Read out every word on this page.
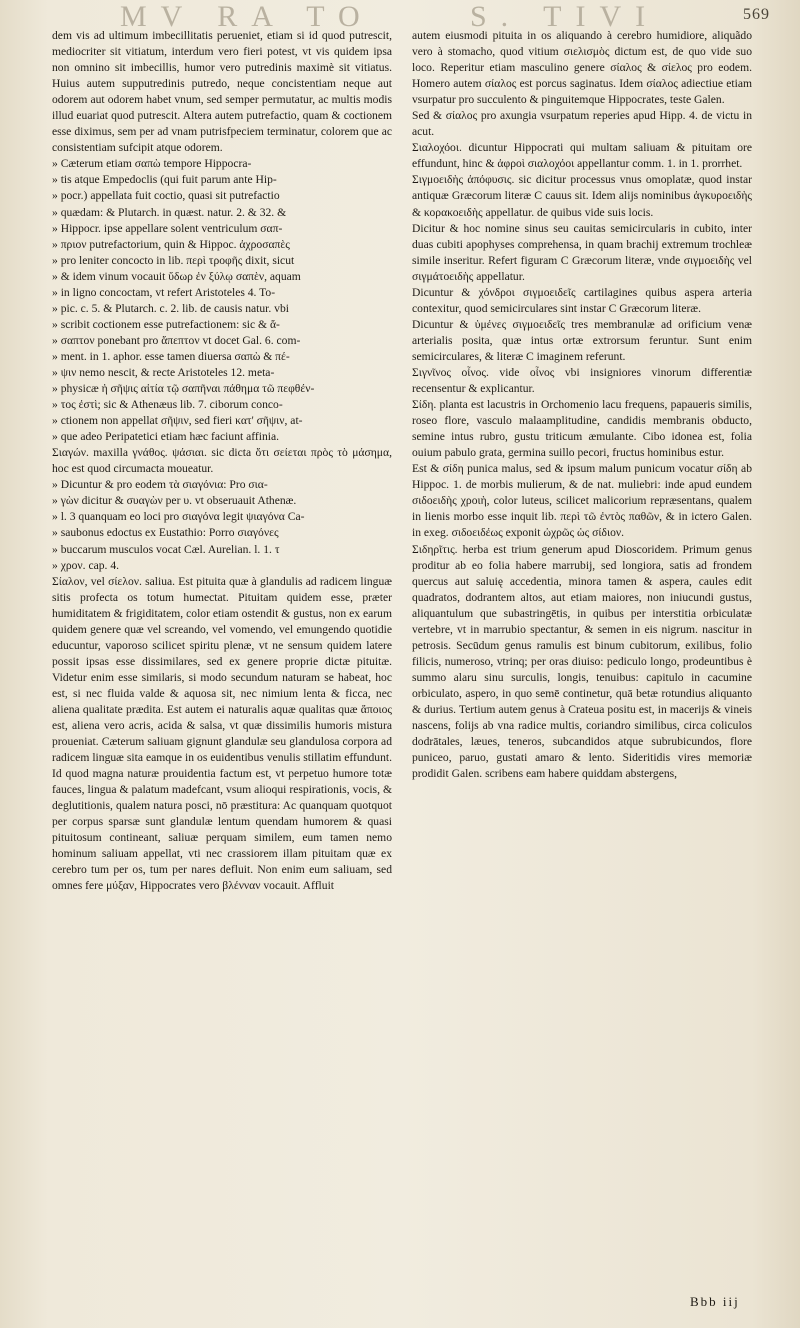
MV RA TO	S. TIVI	569

dem vis ad ultimum imbecillitatis perueniet, etiam si id quod putrescit, mediocriter sit vitiatum, interdum vero fieri potest, vt vis quidem ipsa non omnino sit imbecillis, humor vero putredinis maximè sit vitiatus. Huius autem supputredinis putredo, neque concistentiam neque aut odorem aut odorem habet vnum, sed semper permutatur, ac multis modis illud euariat quod putrescit. Altera autem putrefactio, quam & coctionem esse diximus, sem per ad vnam putrisfpeciem terminatur, colorem que ac consistentiam sufcipit atque odorem.

» Cæterum etiam σαπὼ tempore Hippocra-

» tis atque Empedoclis (qui fuit parum ante Hip-

» pocr.) appellata fuit coctio, quasi sit putrefactio

» quædam: & Plutarch. in quæst. natur. 2. & 32. &

» Hippocr. ipse appellare solent ventriculum σαπ-

» πριον putrefactorium, quin & Hippoc. ἀχροσαπὲς

» pro leniter concocto in lib. περὶ τροφῆς dixit, sicut

» & idem vinum vocauit ὕδωρ ἐν ξύλῳ σαπὲν, aquam

» in ligno concoctam, vt refert Aristoteles 4. To-

» pic. c. 5. & Plutarch. c. 2. lib. de causis natur. vbi

» scribit coctionem esse putrefactionem: sic & ἄ-

» σαπτον ponebant pro ἄπεπτον vt docet Gal. 6. com-

» ment. in 1. aphor. esse tamen diuersa σαπὼ & πέ-

» ψιν nemo nescit, & recte Aristoteles 12. meta-

» physicæ ἡ σῆψις αἰτία τῷ σαπῆναι πάθημα τῶ πεφθέν-

» τος ἐστὶ; sic & Athenæus lib. 7. ciborum conco-

» ctionem non appellat σῆψιν, sed fieri κατ' σῆψιν, at-

» que adeo Peripatetici etiam hæc faciunt affinia.

Σιαγών. maxilla γνάθος. ψάσιαι. sic dicta ὅτι σείεται πρὸς τὸ μάσημα, hoc est quod circumacta moueatur.

» Dicuntur & pro eodem τὰ σιαγόνια: Pro σια-

» γὼν dicitur & συαγὼν per υ. vt obseruauit Athenæ.

» l. 3 quanquam eo loci pro σιαγόνα legit ψιαγόνα Ca-

» saubonus edoctus ex Eustathio: Porro σιαγόνες

» buccarum musculos vocat Cæl. Aurelian. l. 1. τ

» χρον. cap. 4.

Σίαλον, vel σίελον. saliua. Est pituita quæ à glandulis ad radicem linguæ sitis profecta os totum humectat. Pituitam quidem esse, præter humiditatem & frigiditatem, color etiam ostendit & gustus, non ex earum quidem genere quæ vel screando, vel vomendo, vel emungendo quotidie educuntur, vaporoso scilicet spiritu plenæ, vt ne sensum quidem latere possit ipsas esse dissimilares, sed ex genere proprie dictæ pituitæ. Videtur enim esse similaris, si modo secundum naturam se habeat, hoc est, si nec fluida valde & aquosa sit, nec nimium lenta & ficca, nec aliena qualitate prædita. Est autem ei naturalis aquæ qualitas quæ ἄποιος est, aliena vero acris, acida & salsa, vt quæ dissimilis humoris mistura proueniat. Cæterum saliuam gignunt glandulæ seu glandulosa corpora ad radicem linguæ sita eamque in os euidentibus venulis stillatim effundunt. Id quod magna naturæ prouidentia factum est, vt perpetuo humore totæ fauces, lingua & palatum madefcant, vsum alioqui respirationis, vocis, & deglutitionis, qualem natura posci, nō præstitura: Ac quanquam quotquot per corpus sparsæ sunt glandulæ lentum quendam humorem & quasi pituitosum contineant, saliuæ perquam similem, eum tamen nemo hominum saliuam appellat, vti nec crassiorem illam pituitam quæ ex cerebro tum per os, tum per nares defluit. Non enim eum saliuam, sed omnes fere μύξαν, Hippocrates vero βλένναν vocauit. Affluit

autem eiusmodi pituita in os aliquando à cerebro humidiore, aliquãdo vero à stomacho, quod vitium σιελισμὸς dictum est, de quo vide suo loco. Reperitur etiam masculino genere σίαλος & σίελος pro eodem. Homero autem σίαλος est porcus saginatus. Idem σίαλος adiectiue etiam vsurpatur pro succulento & pinguitemque Hippocrates, teste Galen.

Sed & σίαλος pro axungia vsurpatum reperies apud Hipp. 4. de victu in acut.

Σιαλοχόοι. dicuntur Hippocrati qui multam saliuam & pituitam ore effundunt, hinc & ἀφροὶ σιαλοχόοι appellantur comm. 1. in 1. prorrhet.

Σιγμοειδὴς ἀπόφυσις. sic dicitur processus vnus omoplatæ, quod instar antiquæ Græcorum literæ Ϲ cauus sit. Idem alijs nominibus ἀγκυροειδὴς & κορακοειδὴς appellatur. de quibus vide suis locis.

Dicitur & hoc nomine sinus seu cauitas semicircularis in cubito, inter duas cubiti apophyses comprehensa, in quam brachij extremum trochleæ simile inseritur. Refert figuram Ϲ Græcorum literæ, vnde σιγμοειδὴς vel σιγμάτοειδὴς appellatur.

Dicuntur & χόνδροι σιγμοειδεῖς cartilagines quibus aspera arteria contexitur, quod semicirculares sint instar Ϲ Græcorum literæ.

Dicuntur & ὑμένες σιγμοειδεῖς tres membranulæ ad orificium venæ arterialis posita, quæ intus ortæ extrorsum feruntur. Sunt enim semicirculares, & literæ Ϲ imaginem referunt.

Σιγνῖνος οἶνος. vide οἶνος vbi insigniores vinorum differentiæ recensentur & explicantur.

Σίδη. planta est lacustris in Orchomenio lacu frequens, papaueris similis, roseo flore, vasculo malaamplitudine, candidis membranis obducto, semine intus rubro, gustu triticum æmulante. Cibo idonea est, folia ouium pabulo grata, germina suillo pecori, fructus hominibus estur.

Est & σίδη punica malus, sed & ipsum malum punicum vocatur σίδη ab Hippoc. 1. de morbis mulierum, & de nat. muliebri: inde apud eundem σιδοειδὴς χροιὴ, color luteus, scilicet malicorium repræsentans, qualem in lienis morbo esse inquit lib. περὶ τῶ ἐντὸς παθῶν, & in ictero Galen. in exeg. σιδοειδέως exponit ὠχρῶς ὡς σίδιον.

Σιδηρῖτις. herba est trium generum apud Dioscoridem. Primum genus proditur ab eo folia habere marrubij, sed longiora, satis ad frondem quercus aut saluię accedentia, minora tamen & aspera, caules edit quadratos, dodrantem altos, aut etiam maiores, non iniucundi gustus, aliquantulum que subastringētis, in quibus per interstitia orbiculatæ vertebre, vt in marrubio spectantur, & semen in eis nigrum. nascitur in petrosis. Secūdum genus ramulis est binum cubitorum, exilibus, folio filicis, numeroso, vtrinq; per oras diuiso: pediculo longo, prodeuntibus è summo alaru sinu surculis, longis, tenuibus: capitulo in cacumine orbiculato, aspero, in quo semē continetur, quā betæ rotundius aliquanto & durius. Tertium autem genus à Crateua positu est, in macerijs & vineis nascens, folijs ab vna radice multis, coriandro similibus, circa coliculos dodrātales, læues, teneros, subcandidos atque subrubicundos, flore puniceo, paruo, gustati amaro & lento. Sideritidis vires memoriæ prodidit Galen. scribens eam habere quiddam abstergens,

Bbb iij
